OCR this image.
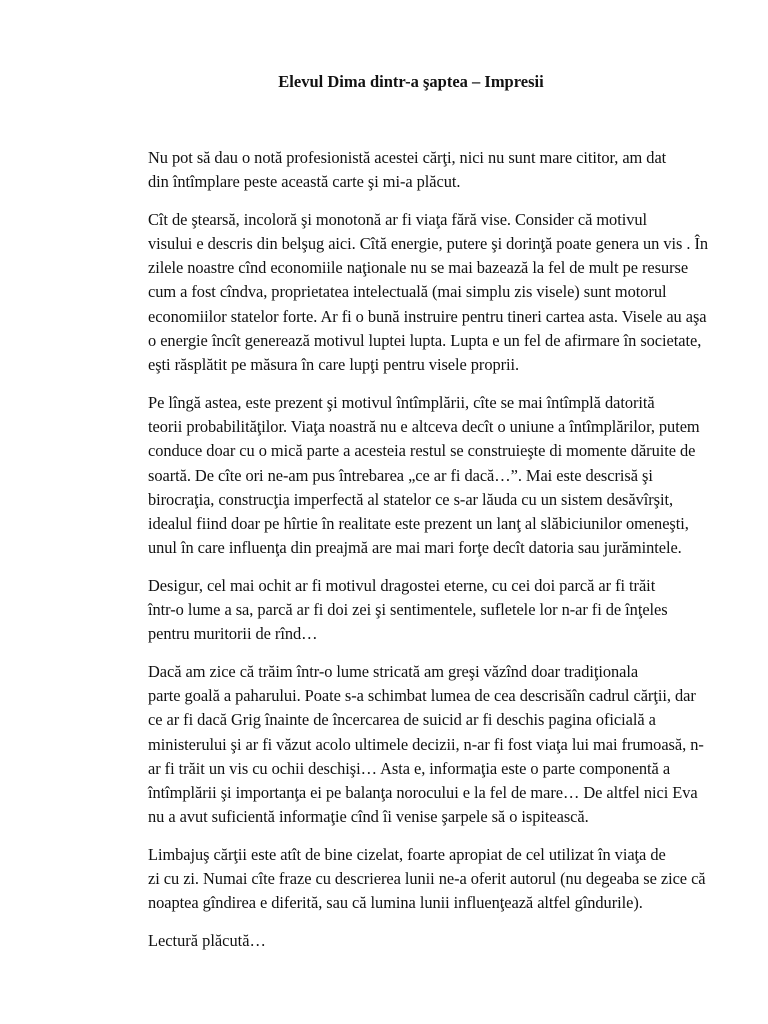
Elevul Dima dintr-a şaptea – Impresii
Nu pot să dau o notă profesionistă acestei cărţi, nici nu sunt mare cititor, am dat
din întîmplare peste această carte şi mi-a plăcut.
Cît de ştearsă, incoloră şi monotonă ar fi viaţa fără vise. Consider că motivul
visului e descris din belşug aici. Cîtă energie, putere şi dorinţă poate genera un vis . În
zilele noastre cînd economiile naţionale nu se mai bazează la fel de mult pe resurse
cum a fost cîndva, proprietatea intelectuală (mai simplu zis visele) sunt motorul
economiilor statelor forte. Ar fi o bună instruire pentru tineri cartea asta. Visele au aşa
o energie încît generează motivul luptei lupta. Lupta e un fel de afirmare în societate,
eşti răsplătit pe măsura în care lupţi pentru visele proprii.
Pe lîngă astea, este prezent şi motivul întîmplării, cîte se mai întîmplă datorită
teorii probabilităţilor. Viaţa noastră nu e altceva decît o uniune a întîmplărilor, putem
conduce doar cu o mică parte a acesteia restul se construieşte di momente dăruite de
soartă. De cîte ori ne-am pus întrebarea „ce ar fi dacă…”. Mai este descrisă şi
birocraţia, construcţia imperfectă al statelor ce s-ar lăuda cu un sistem desăvîrşit,
idealul fiind doar pe hîrtie în realitate este prezent un lanţ al slăbiciunilor omeneşti,
unul în care influenţa din preajmă are mai mari forţe decît datoria sau jurămintele.
Desigur, cel mai ochit ar fi motivul dragostei eterne, cu cei doi parcă ar fi trăit
într-o lume a sa, parcă ar fi doi zei şi sentimentele, sufletele lor n-ar fi de înţeles
pentru muritorii de rînd…
Dacă am zice că trăim într-o lume stricată am greşi văzînd doar tradiţionala
parte goală a paharului. Poate s-a schimbat lumea de cea descrisăîn cadrul cărţii, dar
ce ar fi dacă Grig înainte de încercarea de suicid ar fi deschis pagina oficială a
ministerului şi ar fi văzut acolo ultimele decizii, n-ar fi fost viaţa lui mai frumoasă, n-
ar fi trăit un vis cu ochii deschişi… Asta e, informaţia este o parte componentă a
întîmplării şi importanţa ei pe balanţa norocului e la fel de mare… De altfel nici Eva
nu a avut suficientă informaţie cînd îi venise şarpele să o ispitească.
Limbajuş cărţii este atît de bine cizelat, foarte apropiat de cel utilizat în viaţa de
zi cu zi. Numai cîte fraze cu descrierea lunii ne-a oferit autorul (nu degeaba se zice că
noaptea gîndirea e diferită, sau că lumina lunii influenţează altfel gîndurile).
Lectură plăcută…
